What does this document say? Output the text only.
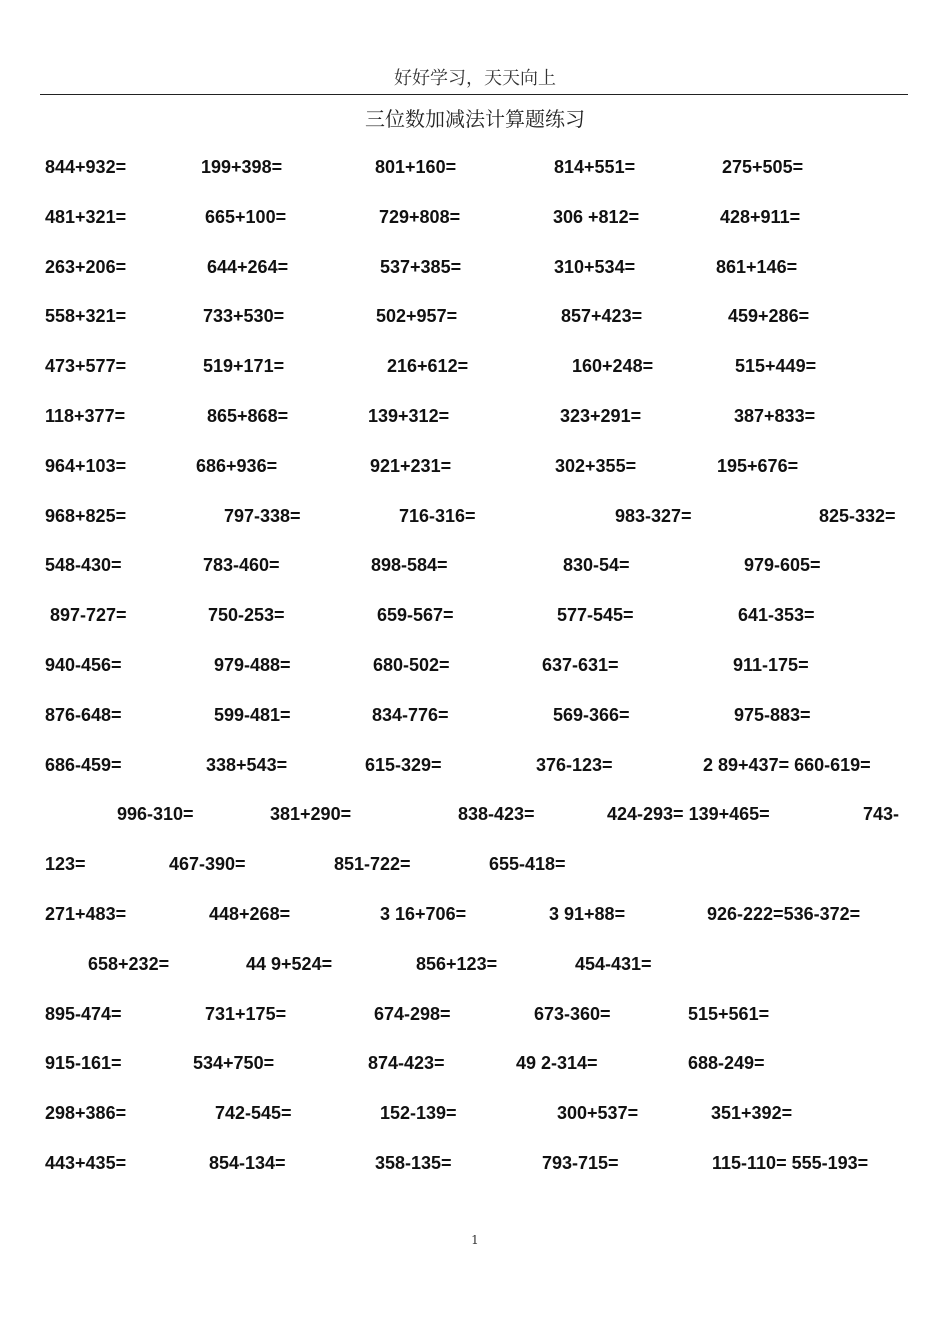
好好学习，天天向上
三位数加减法计算题练习
844+932=	199+398=	801+160=	814+551=	275+505=
481+321=	665+100=	729+808=	306 +812=	428+911=
263+206=	644+264=	537+385=	310+534=	861+146=
558+321=	733+530=	502+957=	857+423=	459+286=
473+577=	519+171=	216+612=	160+248=	515+449=
118+377=	865+868=	139+312=	323+291=	387+833=
964+103=	686+936=	921+231=	302+355=	195+676=
968+825=	797-338=	716-316=	983-327=	825-332=
548-430=	783-460=	898-584=	830-54=	979-605=
897-727=	750-253=	659-567=	577-545=	641-353=
940-456=	979-488=	680-502=	637-631=	911-175=
876-648=	599-481=	834-776=	569-366=	975-883=
686-459=	338+543=	615-329=	376-123=	2 89+437= 660-619=
996-310=	381+290=	838-423=	424-293= 139+465=	743-
123=	467-390=	851-722=	655-418=
271+483=	448+268=	3 16+706=	3 91+88=	926-222=536-372=
658+232=	44 9+524=	856+123=	454-431=
895-474=	731+175=	674-298=	673-360=	515+561=
915-161=	534+750=	874-423=	49 2-314=	688-249=
298+386=	742-545=	152-139=	300+537=	351+392=
443+435=	854-134=	358-135=	793-715=	115-110= 555-193=
1
